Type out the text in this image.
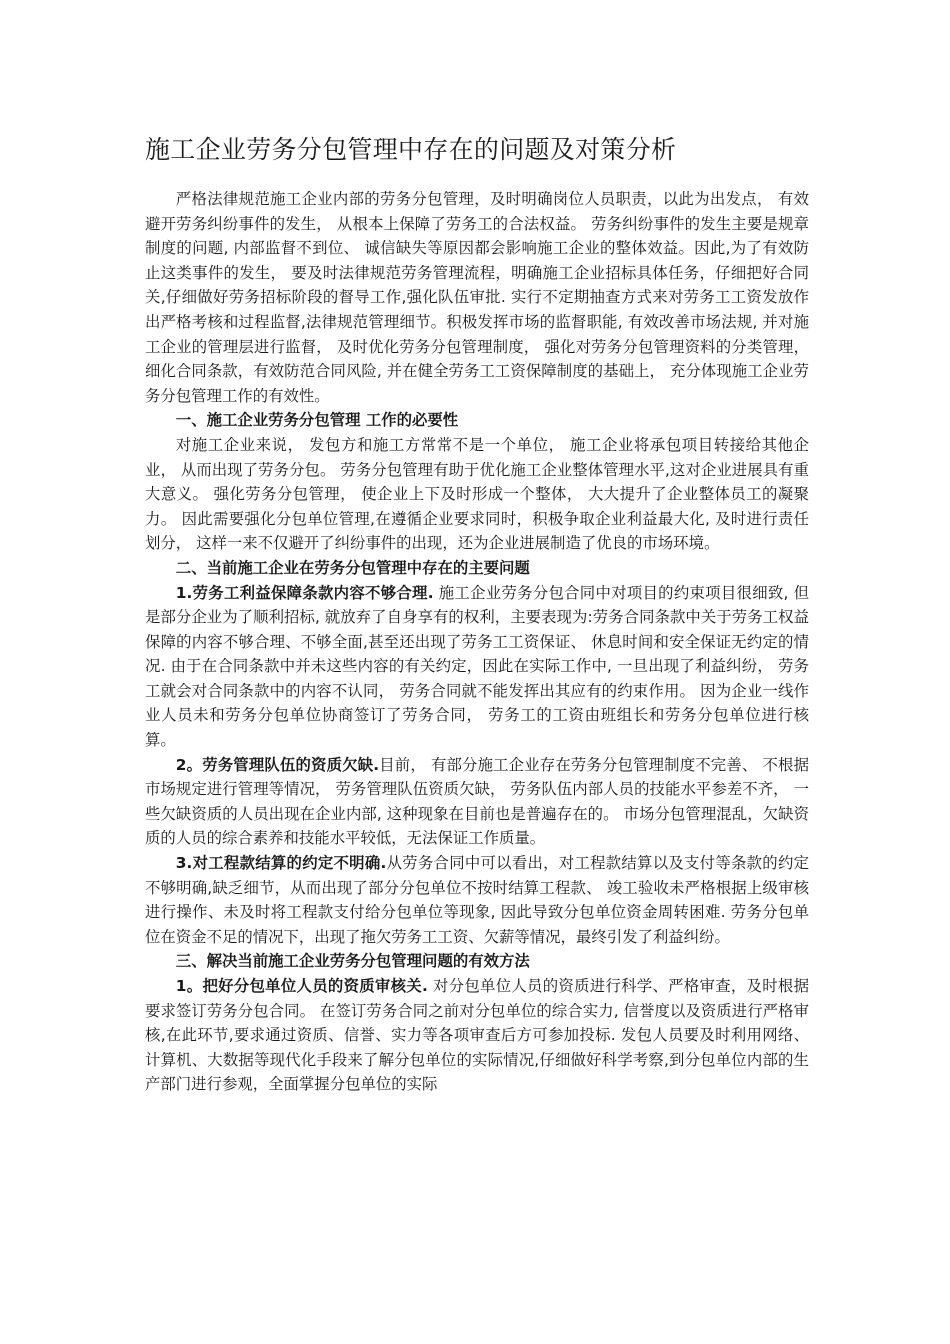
施工企业劳务分包管理中存在的问题及对策分析

严格法律规范施工企业内部的劳务分包管理，及时明确岗位人员职责，以此为出发点， 有效避开劳务纠纷事件的发生， 从根本上保障了劳务工的合法权益。 劳务纠纷事件的发生主要是规章制度的问题, 内部监督不到位、 诚信缺失等原因都会影响施工企业的整体效益。因此,为了有效防止这类事件的发生， 要及时法律规范劳务管理流程，明确施工企业招标具体任务，仔细把好合同关,仔细做好劳务招标阶段的督导工作,强化队伍审批. 实行不定期抽查方式来对劳务工工资发放作出严格考核和过程监督,法律规范管理细节。积极发挥市场的监督职能, 有效改善市场法规, 并对施工企业的管理层进行监督， 及时优化劳务分包管理制度， 强化对劳务分包管理资料的分类管理，细化合同条款，有效防范合同风险, 并在健全劳务工工资保障制度的基础上， 充分体现施工企业劳务分包管理工作的有效性。

一、施工企业劳务分包管理 工作的必要性

对施工企业来说， 发包方和施工方常常不是一个单位， 施工企业将承包项目转接给其他企业， 从而出现了劳务分包。 劳务分包管理有助于优化施工企业整体管理水平,这对企业进展具有重大意义。 强化劳务分包管理， 使企业上下及时形成一个整体， 大大提升了企业整体员工的凝聚力。 因此需要强化分包单位管理,在遵循企业要求同时，积极争取企业利益最大化, 及时进行责任划分， 这样一来不仅避开了纠纷事件的出现，还为企业进展制造了优良的市场环境。

二、当前施工企业在劳务分包管理中存在的主要问题

1.劳务工利益保障条款内容不够合理. 施工企业劳务分包合同中对项目的约束项目很细致, 但是部分企业为了顺利招标, 就放弃了自身享有的权利，主要表现为:劳务合同条款中关于劳务工权益保障的内容不够合理、不够全面,甚至还出现了劳务工工资保证、 休息时间和安全保证无约定的情况. 由于在合同条款中并未这些内容的有关约定，因此在实际工作中, 一旦出现了利益纠纷， 劳务工就会对合同条款中的内容不认同， 劳务合同就不能发挥出其应有的约束作用。 因为企业一线作业人员未和劳务分包单位协商签订了劳务合同， 劳务工的工资由班组长和劳务分包单位进行核算。

2。劳务管理队伍的资质欠缺.目前， 有部分施工企业存在劳务分包管理制度不完善、 不根据市场规定进行管理等情况， 劳务管理队伍资质欠缺， 劳务队伍内部人员的技能水平参差不齐， 一些欠缺资质的人员出现在企业内部, 这种现象在目前也是普遍存在的。 市场分包管理混乱，欠缺资质的人员的综合素养和技能水平较低，无法保证工作质量。

3.对工程款结算的约定不明确.从劳务合同中可以看出，对工程款结算以及支付等条款的约定不够明确,缺乏细节，从而出现了部分分包单位不按时结算工程款、 竣工验收未严格根据上级审核进行操作、未及时将工程款支付给分包单位等现象, 因此导致分包单位资金周转困难. 劳务分包单位在资金不足的情况下，出现了拖欠劳务工工资、欠薪等情况，最终引发了利益纠纷。

三、解决当前施工企业劳务分包管理问题的有效方法

1。把好分包单位人员的资质审核关. 对分包单位人员的资质进行科学、严格审查，及时根据要求签订劳务分包合同。 在签订劳务合同之前对分包单位的综合实力, 信誉度以及资质进行严格审核,在此环节,要求通过资质、信誉、实力等各项审查后方可参加投标. 发包人员要及时利用网络、计算机、大数据等现代化手段来了解分包单位的实际情况,仔细做好科学考察,到分包单位内部的生产部门进行参观，全面掌握分包单位的实际
